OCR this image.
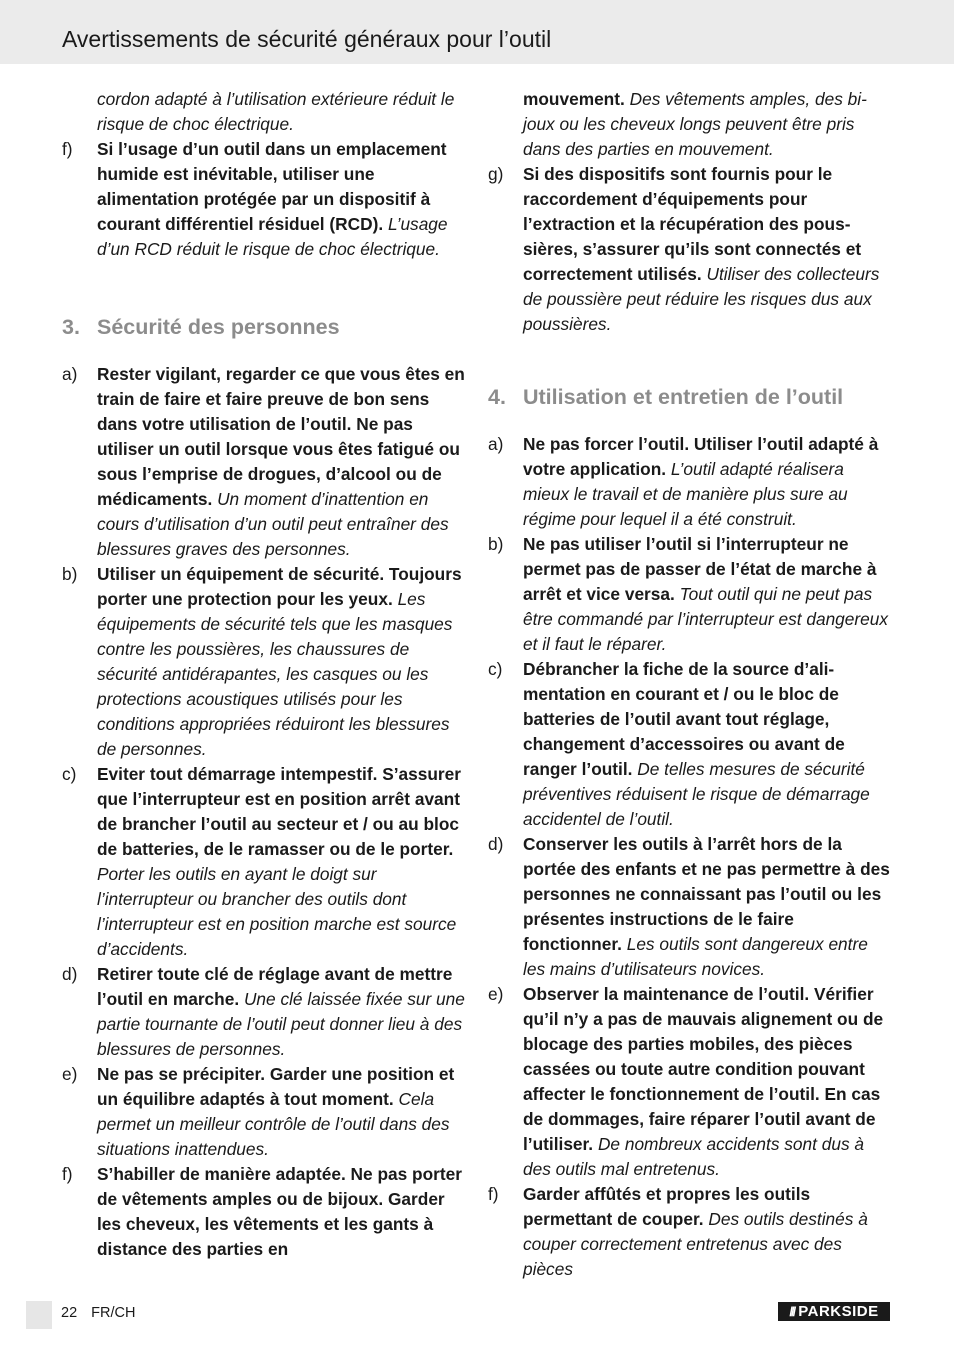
Avertissements de sécurité généraux pour l’outil
cordon adapté à l’utilisation extérieure réduit le risque de choc électrique.
f)	Si l’usage d’un outil dans un emplacement humide est inévitable, utiliser une alimentation protégée par un dispositif à courant différentiel résiduel (RCD). L’usage d’un RCD réduit le risque de choc électrique.
3. Sécurité des personnes
a)	Rester vigilant, regarder ce que vous êtes en train de faire et faire preuve de bon sens dans votre utilisation de l’outil. Ne pas utiliser un outil lorsque vous êtes fatigué ou sous l’emprise de drogues, d’alcool ou de médicaments. Un moment d’inattention en cours d’utilisation d’un outil peut entraîner des blessures graves des personnes.
b)	Utiliser un équipement de sécurité. Toujours porter une protection pour les yeux. Les équipements de sécurité tels que les masques contre les poussières, les chaussures de sécurité antidérapantes, les casques ou les protections acoustiques utilisés pour les conditions appropriées réduiront les blessures de personnes.
c)	Eviter tout démarrage intempestif. S’assurer que l’interrupteur est en position arrêt avant de brancher l’outil au secteur et / ou au bloc de batteries, de le ramasser ou de le porter. Porter les outils en ayant le doigt sur l’interrupteur ou brancher des outils dont l’interrupteur est en position marche est source d’accidents.
d)	Retirer toute clé de réglage avant de mettre l’outil en marche. Une clé laissée fixée sur une partie tournante de l’outil peut donner lieu à des blessures de personnes.
e)	Ne pas se précipiter. Garder une position et un équilibre adaptés à tout moment. Cela permet un meilleur contrôle de l’outil dans des situations inattendues.
f)	S’habiller de manière adaptée. Ne pas porter de vêtements amples ou de bijoux. Garder les cheveux, les vêtements et les gants à distance des parties en
mouvement. Des vêtements amples, des bijoux ou les cheveux longs peuvent être pris dans des parties en mouvement.
g)	Si des dispositifs sont fournis pour le raccordement d’équipements pour l’extraction et la récupération des poussières, s’assurer qu’ils sont connectés et correctement utilisés. Utiliser des collecteurs de poussière peut réduire les risques dus aux poussières.
4. Utilisation et entretien de l’outil
a)	Ne pas forcer l’outil. Utiliser l’outil adapté à votre application. L’outil adapté réalisera mieux le travail et de manière plus sure au régime pour lequel il a été construit.
b)	Ne pas utiliser l’outil si l’interrupteur ne permet pas de passer de l’état de marche à arrêt et vice versa. Tout outil qui ne peut pas être commandé par l’interrupteur est dangereux et il faut le réparer.
c)	Débrancher la fiche de la source d’alimentation en courant et / ou le bloc de batteries de l’outil avant tout réglage, changement d’accessoires ou avant de ranger l’outil. De telles mesures de sécurité préventives réduisent le risque de démarrage accidentel de l’outil.
d)	Conserver les outils à l’arrêt hors de la portée des enfants et ne pas permettre à des personnes ne connaissant pas l’outil ou les présentes instructions de le faire fonctionner. Les outils sont dangereux entre les mains d’utilisateurs novices.
e)	Observer la maintenance de l’outil. Vérifier qu’il n’y a pas de mauvais alignement ou de blocage des parties mobiles, des pièces cassées ou toute autre condition pouvant affecter le fonctionnement de l’outil. En cas de dommages, faire réparer l’outil avant de l’utiliser. De nombreux accidents sont dus à des outils mal entretenus.
f)	Garder affûtés et propres les outils permettant de couper. Des outils destinés à couper correctement entretenus avec des pièces
22 FR/CH	/// PARKSIDE
